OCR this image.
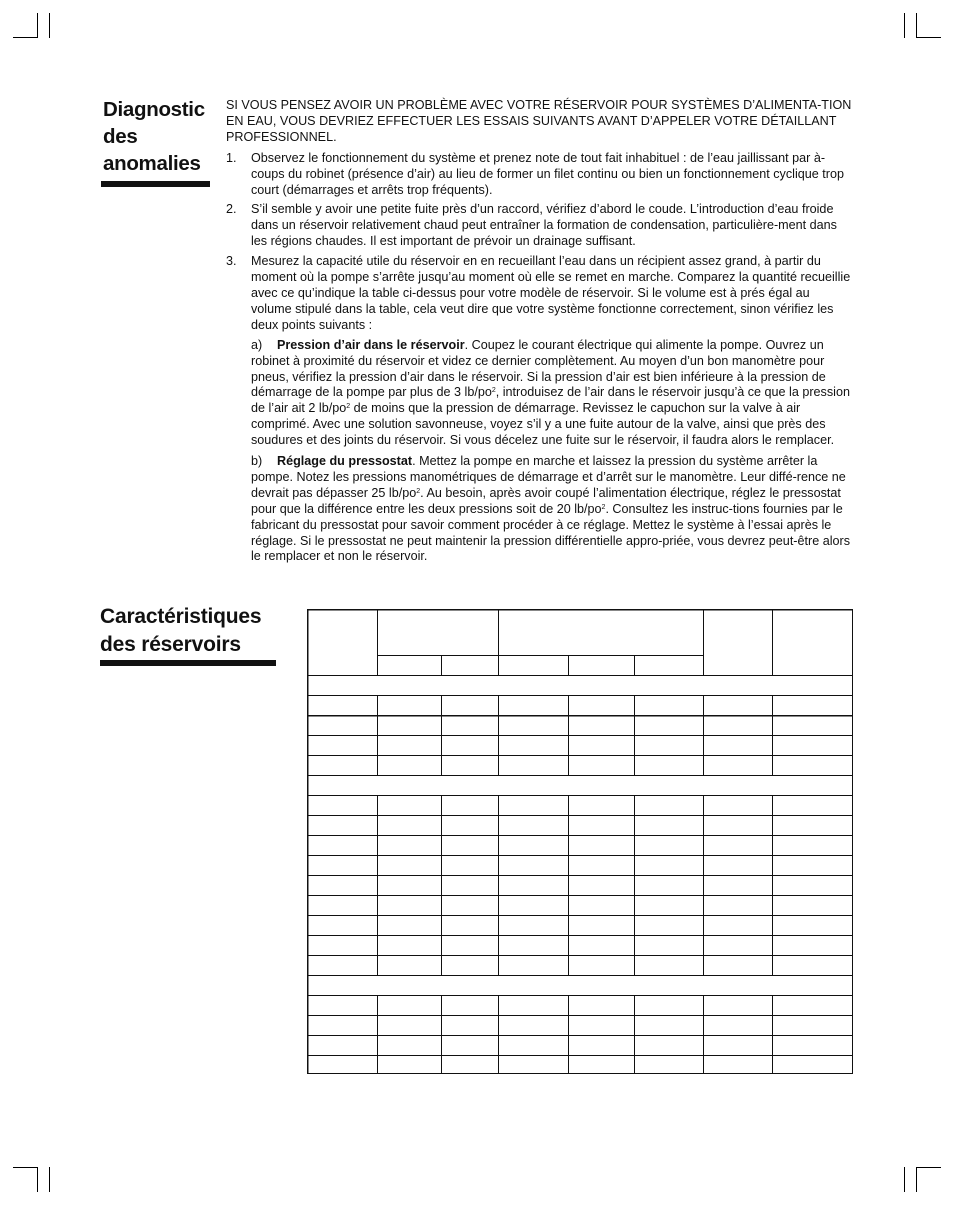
Diagnostic des anomalies

SI VOUS PENSEZ AVOIR UN PROBLÈME AVEC VOTRE RÉSERVOIR POUR SYSTÈMES D’ALIMENTA-TION EN EAU, VOUS DEVRIEZ EFFECTUER LES ESSAIS SUIVANTS AVANT D’APPELER VOTRE DÉTAILLANT PROFESSIONNEL.

1. Observez le fonctionnement du système et prenez note de tout fait inhabituel : de l’eau jaillissant par à-coups du robinet (présence d’air) au lieu de former un filet continu ou bien un fonctionnement cyclique trop court (démarrages et arrêts trop fréquents).

2. S’il semble y avoir une petite fuite près d’un raccord, vérifiez d’abord le coude. L’introduction d’eau froide dans un réservoir relativement chaud peut entraîner la formation de condensation, particulière-ment dans les régions chaudes. Il est important de prévoir un drainage suffisant.

3. Mesurez la capacité utile du réservoir en en recueillant l’eau dans un récipient assez grand, à partir du moment où la pompe s’arrête jusqu’au moment où elle se remet en marche. Comparez la quantité recueillie avec ce qu’indique la table ci-dessus pour votre modèle de réservoir. Si le volume est à prés égal au volume stipulé dans la table, cela veut dire que votre système fonctionne correctement, sinon vérifiez les deux points suivants :

a) Pression d’air dans le réservoir. Coupez le courant électrique qui alimente la pompe. Ouvrez un robinet à proximité du réservoir et videz ce dernier complètement. Au moyen d’un bon manomètre pour pneus, vérifiez la pression d’air dans le réservoir. Si la pression d’air est bien inférieure à la pression de démarrage de la pompe par plus de 3 $lb/po^2$, introduisez de l’air dans le réservoir jusqu’à ce que la pression de l’air ait 2 $lb/po^2$ de moins que la pression de démarrage. Revissez le capuchon sur la valve à air comprimé. Avec une solution savonneuse, voyez s’il y a une fuite autour de la valve, ainsi que près des soudures et des joints du réservoir. Si vous décelez une fuite sur le réservoir, il faudra alors le remplacer.

b) Réglage du pressostat. Mettez la pompe en marche et laissez la pression du système arrêter la pompe. Notez les pressions manométriques de démarrage et d’arrêt sur le manomètre. Leur diffé-rence ne devrait pas dépasser 25 $lb/po^2$. Au besoin, après avoir coupé l’alimentation électrique, réglez le pressostat pour que la différence entre les deux pressions soit de 20 $lb/po^2$. Consultez les instruc-tions fournies par le fabricant du pressostat pour savoir comment procéder à ce réglage. Mettez le système à l’essai après le réglage. Si le pressostat ne peut maintenir la pression différentielle appro-priée, vous devrez peut-être alors le remplacer et non le réservoir.

Caractéristiques des réservoirs
